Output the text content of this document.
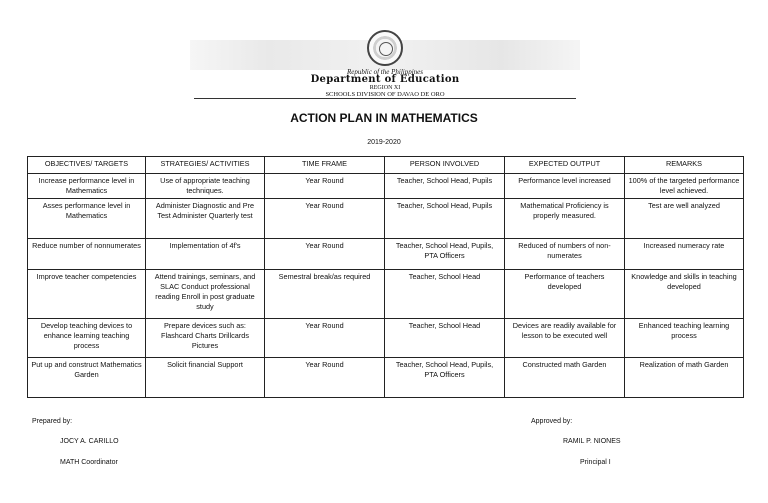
Republic of the Philippines
Department of Education
REGION XI
SCHOOLS DIVISION OF DAVAO DE ORO
ACTION PLAN IN MATHEMATICS
2019-2020
OBJECTIVES/ TARGETS	STRATEGIES/ ACTIVITIES	TIME FRAME	PERSON INVOLVED	EXPECTED OUTPUT	REMARKS
Increase performance level in Mathematics	Use of appropriate teaching techniques.	Year Round	Teacher, School Head, Pupils	Performance level increased	100% of the targeted performance level achieved.
Asses performance level in Mathematics	Administer Diagnostic and Pre Test Administer Quarterly test	Year Round	Teacher, School Head, Pupils	Mathematical Proficiency is properly measured.	Test are well analyzed
Reduce number of nonnumerates	Implementation of 4f's	Year Round	Teacher, School Head, Pupils, PTA Officers	Reduced of numbers of non-numerates	Increased numeracy rate
Improve teacher competencies	Attend trainings, seminars, and SLAC Conduct professional reading Enroll in post graduate study	Semestral break/as required	Teacher, School Head	Performance of teachers developed	Knowledge and skills in teaching developed
Develop teaching devices to enhance learning teaching process	Prepare devices such as: Flashcard Charts Drillcards Pictures	Year Round	Teacher, School Head	Devices are readily available for lesson to be executed well	Enhanced teaching learning process
Put up and construct Mathematics Garden	Solicit financial Support	Year Round	Teacher, School Head, Pupils, PTA Officers	Constructed math Garden	Realization of math Garden
Prepared by:
JOCY A. CARILLO
MATH Coordinator
Approved by:
RAMIL P. NIONES
Principal I
